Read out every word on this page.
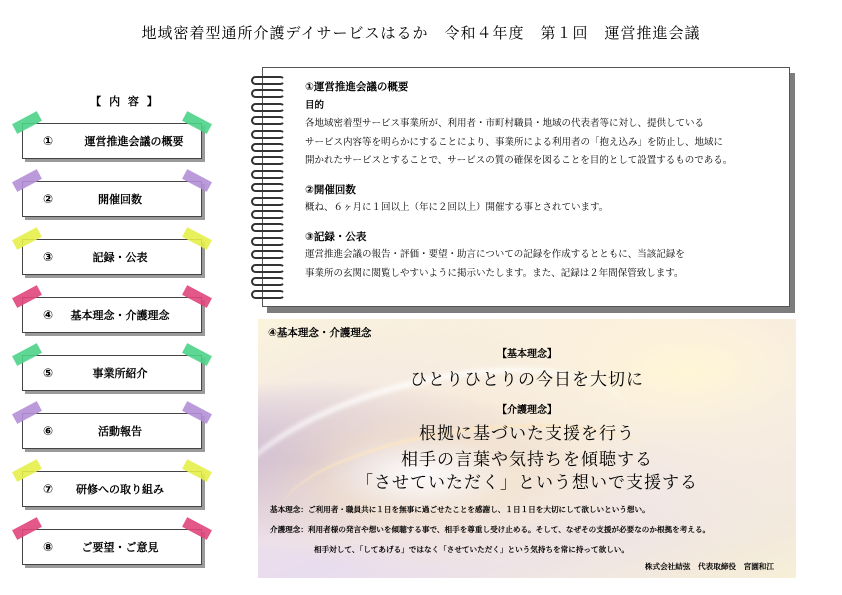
地域密着型通所介護デイサービスはるか　令和４年度　第１回　運営推進会議
【 内 容 】
①	運営推進会議の概要
②	開催回数
③	記録・公表
④	基本理念・介護理念
⑤	事業所紹介
⑥	活動報告
⑦	研修への取り組み
⑧	ご要望・ご意見
①運営推進会議の概要
目的
各地域密着型サービス事業所が、利用者・市町村職員・地域の代表者等に対し、提供している
サービス内容等を明らかにすることにより、事業所による利用者の「抱え込み」を防止し、地域に
開かれたサービスとすることで、サービスの質の確保を図ることを目的として設置するものである。
②開催回数
概ね、６ヶ月に１回以上（年に２回以上）開催する事とされています。
③記録・公表
運営推進会議の報告・評価・要望・助言についての記録を作成するとともに、当該記録を
事業所の玄関に閲覧しやすいように掲示いたします。また、記録は２年間保管致します。
④基本理念・介護理念
【基本理念】
ひとりひとりの今日を大切に
【介護理念】
根拠に基づいた支援を行う
相手の言葉や気持ちを傾聴する
「させていただく」という想いで支援する
基本理念：ご利用者・職員共に１日を無事に過ごせたことを感謝し、１日１日を大切にして欲しいという想い。
介護理念：利用者様の発言や想いを傾聴する事で、相手を尊重し受け止める。そして、なぜその支援が必要なのか根拠を考える。
相手対して、「してあげる」ではなく「させていただく」という気持ちを常に持って欲しい。
株式会社結弦　代表取締役　宮園和江
